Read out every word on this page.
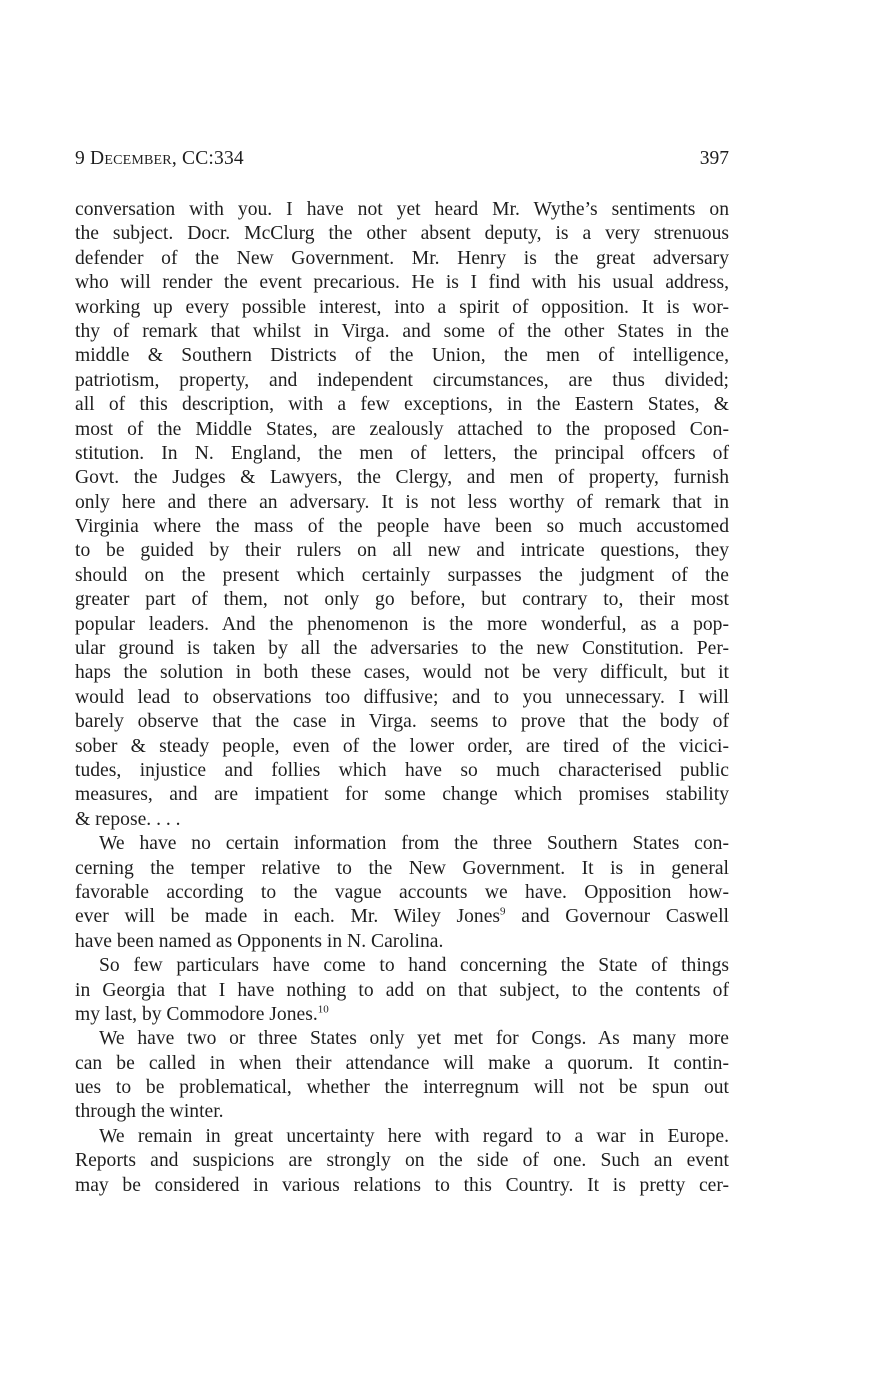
9 December, CC:334	397
conversation with you. I have not yet heard Mr. Wythe’s sentiments on
the subject. Docr. McClurg the other absent deputy, is a very strenuous
defender of the New Government. Mr. Henry is the great adversary
who will render the event precarious. He is I find with his usual address,
working up every possible interest, into a spirit of opposition. It is wor-
thy of remark that whilst in Virga. and some of the other States in the
middle & Southern Districts of the Union, the men of intelligence,
patriotism, property, and independent circumstances, are thus divided;
all of this description, with a few exceptions, in the Eastern States, &
most of the Middle States, are zealously attached to the proposed Con-
stitution. In N. England, the men of letters, the principal offcers of
Govt. the Judges & Lawyers, the Clergy, and men of property, furnish
only here and there an adversary. It is not less worthy of remark that in
Virginia where the mass of the people have been so much accustomed
to be guided by their rulers on all new and intricate questions, they
should on the present which certainly surpasses the judgment of the
greater part of them, not only go before, but contrary to, their most
popular leaders. And the phenomenon is the more wonderful, as a pop-
ular ground is taken by all the adversaries to the new Constitution. Per-
haps the solution in both these cases, would not be very difficult, but it
would lead to observations too diffusive; and to you unnecessary. I will
barely observe that the case in Virga. seems to prove that the body of
sober & steady people, even of the lower order, are tired of the vicici-
tudes, injustice and follies which have so much characterised public
measures, and are impatient for some change which promises stability
& repose. . . .
We have no certain information from the three Southern States con-
cerning the temper relative to the New Government. It is in general
favorable according to the vague accounts we have. Opposition how-
ever will be made in each. Mr. Wiley Jones$^9$ and Governour Caswell
have been named as Opponents in N. Carolina.
So few particulars have come to hand concerning the State of things
in Georgia that I have nothing to add on that subject, to the contents of
my last, by Commodore Jones.$^{10}$
We have two or three States only yet met for Congs. As many more
can be called in when their attendance will make a quorum. It contin-
ues to be problematical, whether the interregnum will not be spun out
through the winter.
We remain in great uncertainty here with regard to a war in Europe.
Reports and suspicions are strongly on the side of one. Such an event
may be considered in various relations to this Country. It is pretty cer-
